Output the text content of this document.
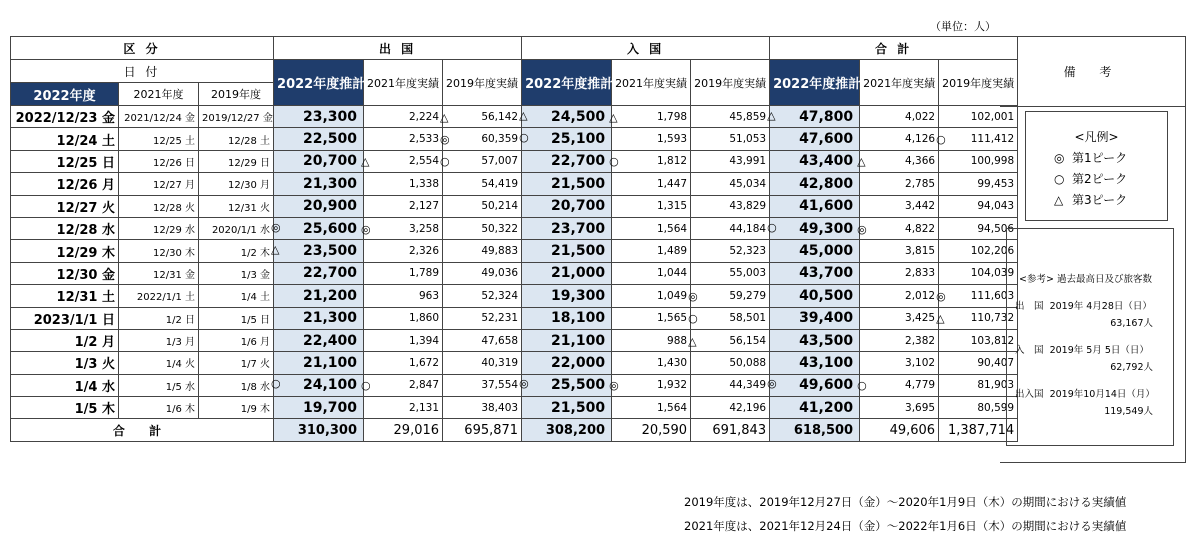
（単位：人）
区 分			出 国			入 国			合 計		
日 付			2022年度推計	2021年度実績	2019年度実績	2022年度推計	2021年度実績	2019年度実績	2022年度推計	2021年度実績	2019年度実績
2022年度	2021年度	2019年度									
2022/12/23 金	2021/12/24 金	2019/12/27 金	23,300	2,224	△ 56,142	△ 24,500	△ 1,798	45,859	△ 47,800	4,022	102,001
12/24 土	12/25 土	12/28 土	22,500	2,533	◎ 60,359	○ 25,100	1,593	51,053	47,600	4,126	○ 111,412
12/25 日	12/26 日	12/29 日	20,700	△ 2,554	○ 57,007	22,700	○ 1,812	43,991	43,400	△ 4,366	100,998
12/26 月	12/27 月	12/30 月	21,300	1,338	54,419	21,500	1,447	45,034	42,800	2,785	99,453
12/27 火	12/28 火	12/31 火	20,900	2,127	50,214	20,700	1,315	43,829	41,600	3,442	94,043
12/28 水	12/29 水	2020/1/1 水	◎ 25,600	◎ 3,258	50,322	23,700	1,564	44,184	○ 49,300	◎ 4,822	94,506
12/29 木	12/30 木	1/2 木	△ 23,500	2,326	49,883	21,500	1,489	52,323	45,000	3,815	102,206
12/30 金	12/31 金	1/3 金	22,700	1,789	49,036	21,000	1,044	55,003	43,700	2,833	104,039
12/31 土	2022/1/1 土	1/4 土	21,200	963	52,324	19,300	1,049	◎ 59,279	40,500	2,012	◎ 111,603
2023/1/1 日	1/2 日	1/5 日	21,300	1,860	52,231	18,100	1,565	○ 58,501	39,400	3,425	△ 110,732
1/2 月	1/3 月	1/6 月	22,400	1,394	47,658	21,100	988	△ 56,154	43,500	2,382	103,812
1/3 火	1/4 火	1/7 火	21,100	1,672	40,319	22,000	1,430	50,088	43,100	3,102	90,407
1/4 水	1/5 水	1/8 水	○ 24,100	○ 2,847	37,554	◎ 25,500	◎ 1,932	44,349	◎ 49,600	○ 4,779	81,903
1/5 木	1/6 木	1/9 木	19,700	2,131	38,403	21,500	1,564	42,196	41,200	3,695	80,599
合 計			310,300	29,016	695,871	308,200	20,590	691,843	618,500	49,606	1,387,714
備 考
<凡例>
◎ 第1ピーク
○ 第2ピーク
△ 第3ピーク
<参考> 過去最高日及び旅客数
出　国 2019年 4月28日（日）
63,167人
入　国 2019年 5月 5日（日）
62,792人
出入国 2019年10月14日（月）
119,549人
2019年度は、2019年12月27日（金）～2020年1月9日（木）の期間における実績値
2021年度は、2021年12月24日（金）～2022年1月6日（木）の期間における実績値
